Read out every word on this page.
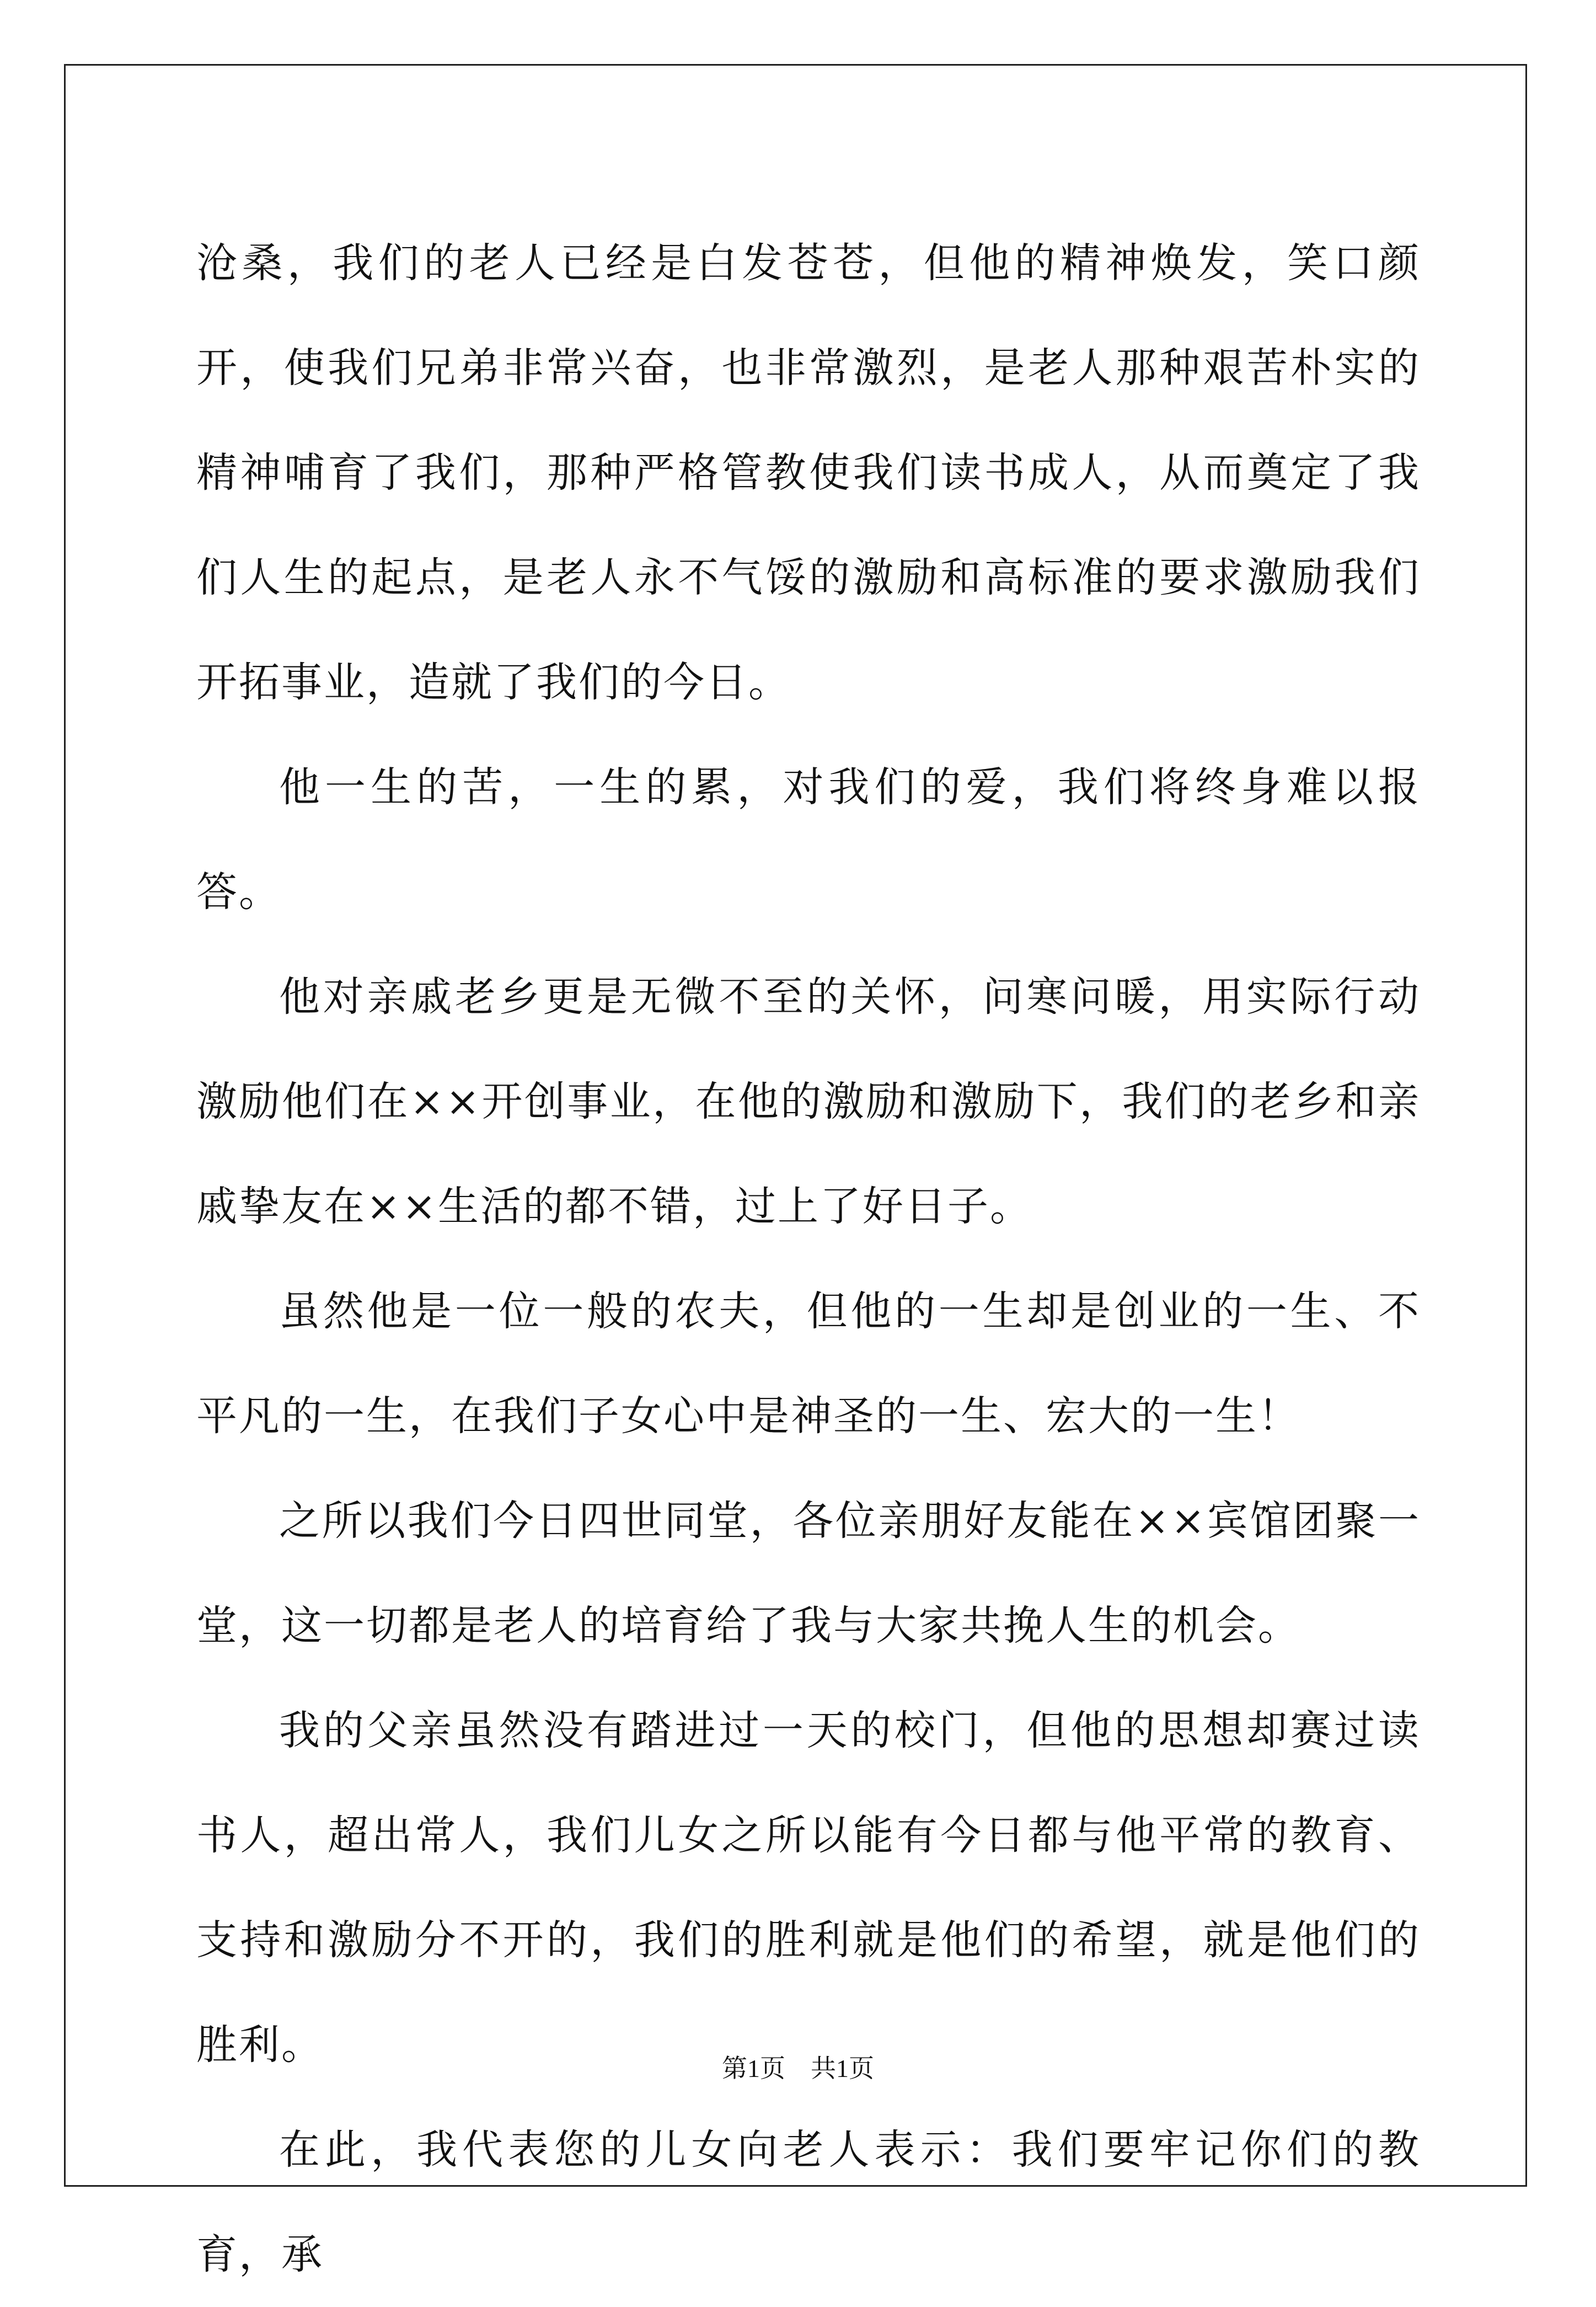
沧桑，我们的老人已经是白发苍苍，但他的精神焕发，笑口颜开，使我们兄弟非常兴奋，也非常激烈，是老人那种艰苦朴实的精神哺育了我们，那种严格管教使我们读书成人，从而奠定了我们人生的起点，是老人永不气馁的激励和高标准的要求激励我们开拓事业，造就了我们的今日。

他一生的苦，一生的累，对我们的爱，我们将终身难以报答。

他对亲戚老乡更是无微不至的关怀，问寒问暖，用实际行动激励他们在××开创事业，在他的激励和激励下，我们的老乡和亲戚挚友在××生活的都不错，过上了好日子。

虽然他是一位一般的农夫，但他的一生却是创业的一生、不平凡的一生，在我们子女心中是神圣的一生、宏大的一生！

之所以我们今日四世同堂，各位亲朋好友能在××宾馆团聚一堂，这一切都是老人的培育给了我与大家共挽人生的机会。

我的父亲虽然没有踏进过一天的校门，但他的思想却赛过读书人，超出常人，我们儿女之所以能有今日都与他平常的教育、支持和激励分不开的，我们的胜利就是他们的希望，就是他们的胜利。

在此，我代表您的儿女向老人表示：我们要牢记你们的教育，承

第1页　共1页
